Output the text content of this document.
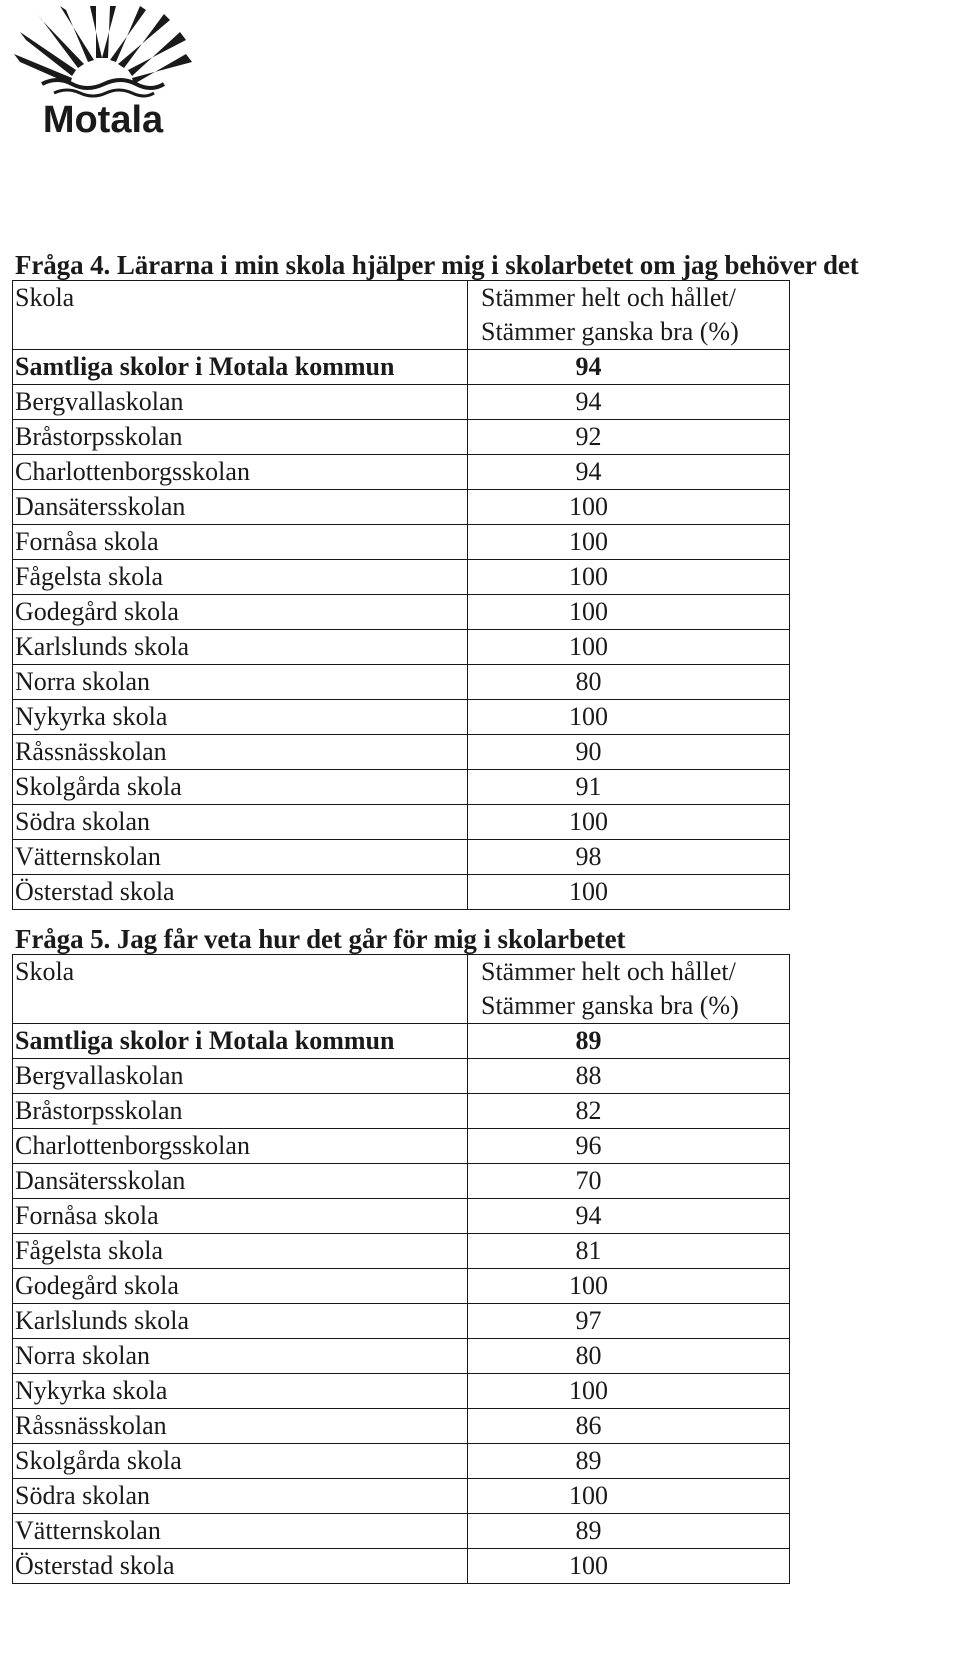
Motala
Fråga 4. Lärarna i min skola hjälper mig i skolarbetet om jag behöver det
Skola	Stämmer helt och hållet/
Stämmer ganska bra (%)

Samtliga skolor i Motala kommun	94
Bergvallaskolan	94
Bråstorpsskolan	92
Charlottenborgsskolan	94
Dansätersskolan	100
Fornåsa skola	100
Fågelsta skola	100
Godegård skola	100
Karlslunds skola	100
Norra skolan	80
Nykyrka skola	100
Råssnässkolan	90
Skolgårda skola	91
Södra skolan	100
Vätternskolan	98
Österstad skola	100
Fråga 5. Jag får veta hur det går för mig i skolarbetet
Skola	Stämmer helt och hållet/
Stämmer ganska bra (%)

Samtliga skolor i Motala kommun	89
Bergvallaskolan	88
Bråstorpsskolan	82
Charlottenborgsskolan	96
Dansätersskolan	70
Fornåsa skola	94
Fågelsta skola	81
Godegård skola	100
Karlslunds skola	97
Norra skolan	80
Nykyrka skola	100
Råssnässkolan	86
Skolgårda skola	89
Södra skolan	100
Vätternskolan	89
Österstad skola	100
